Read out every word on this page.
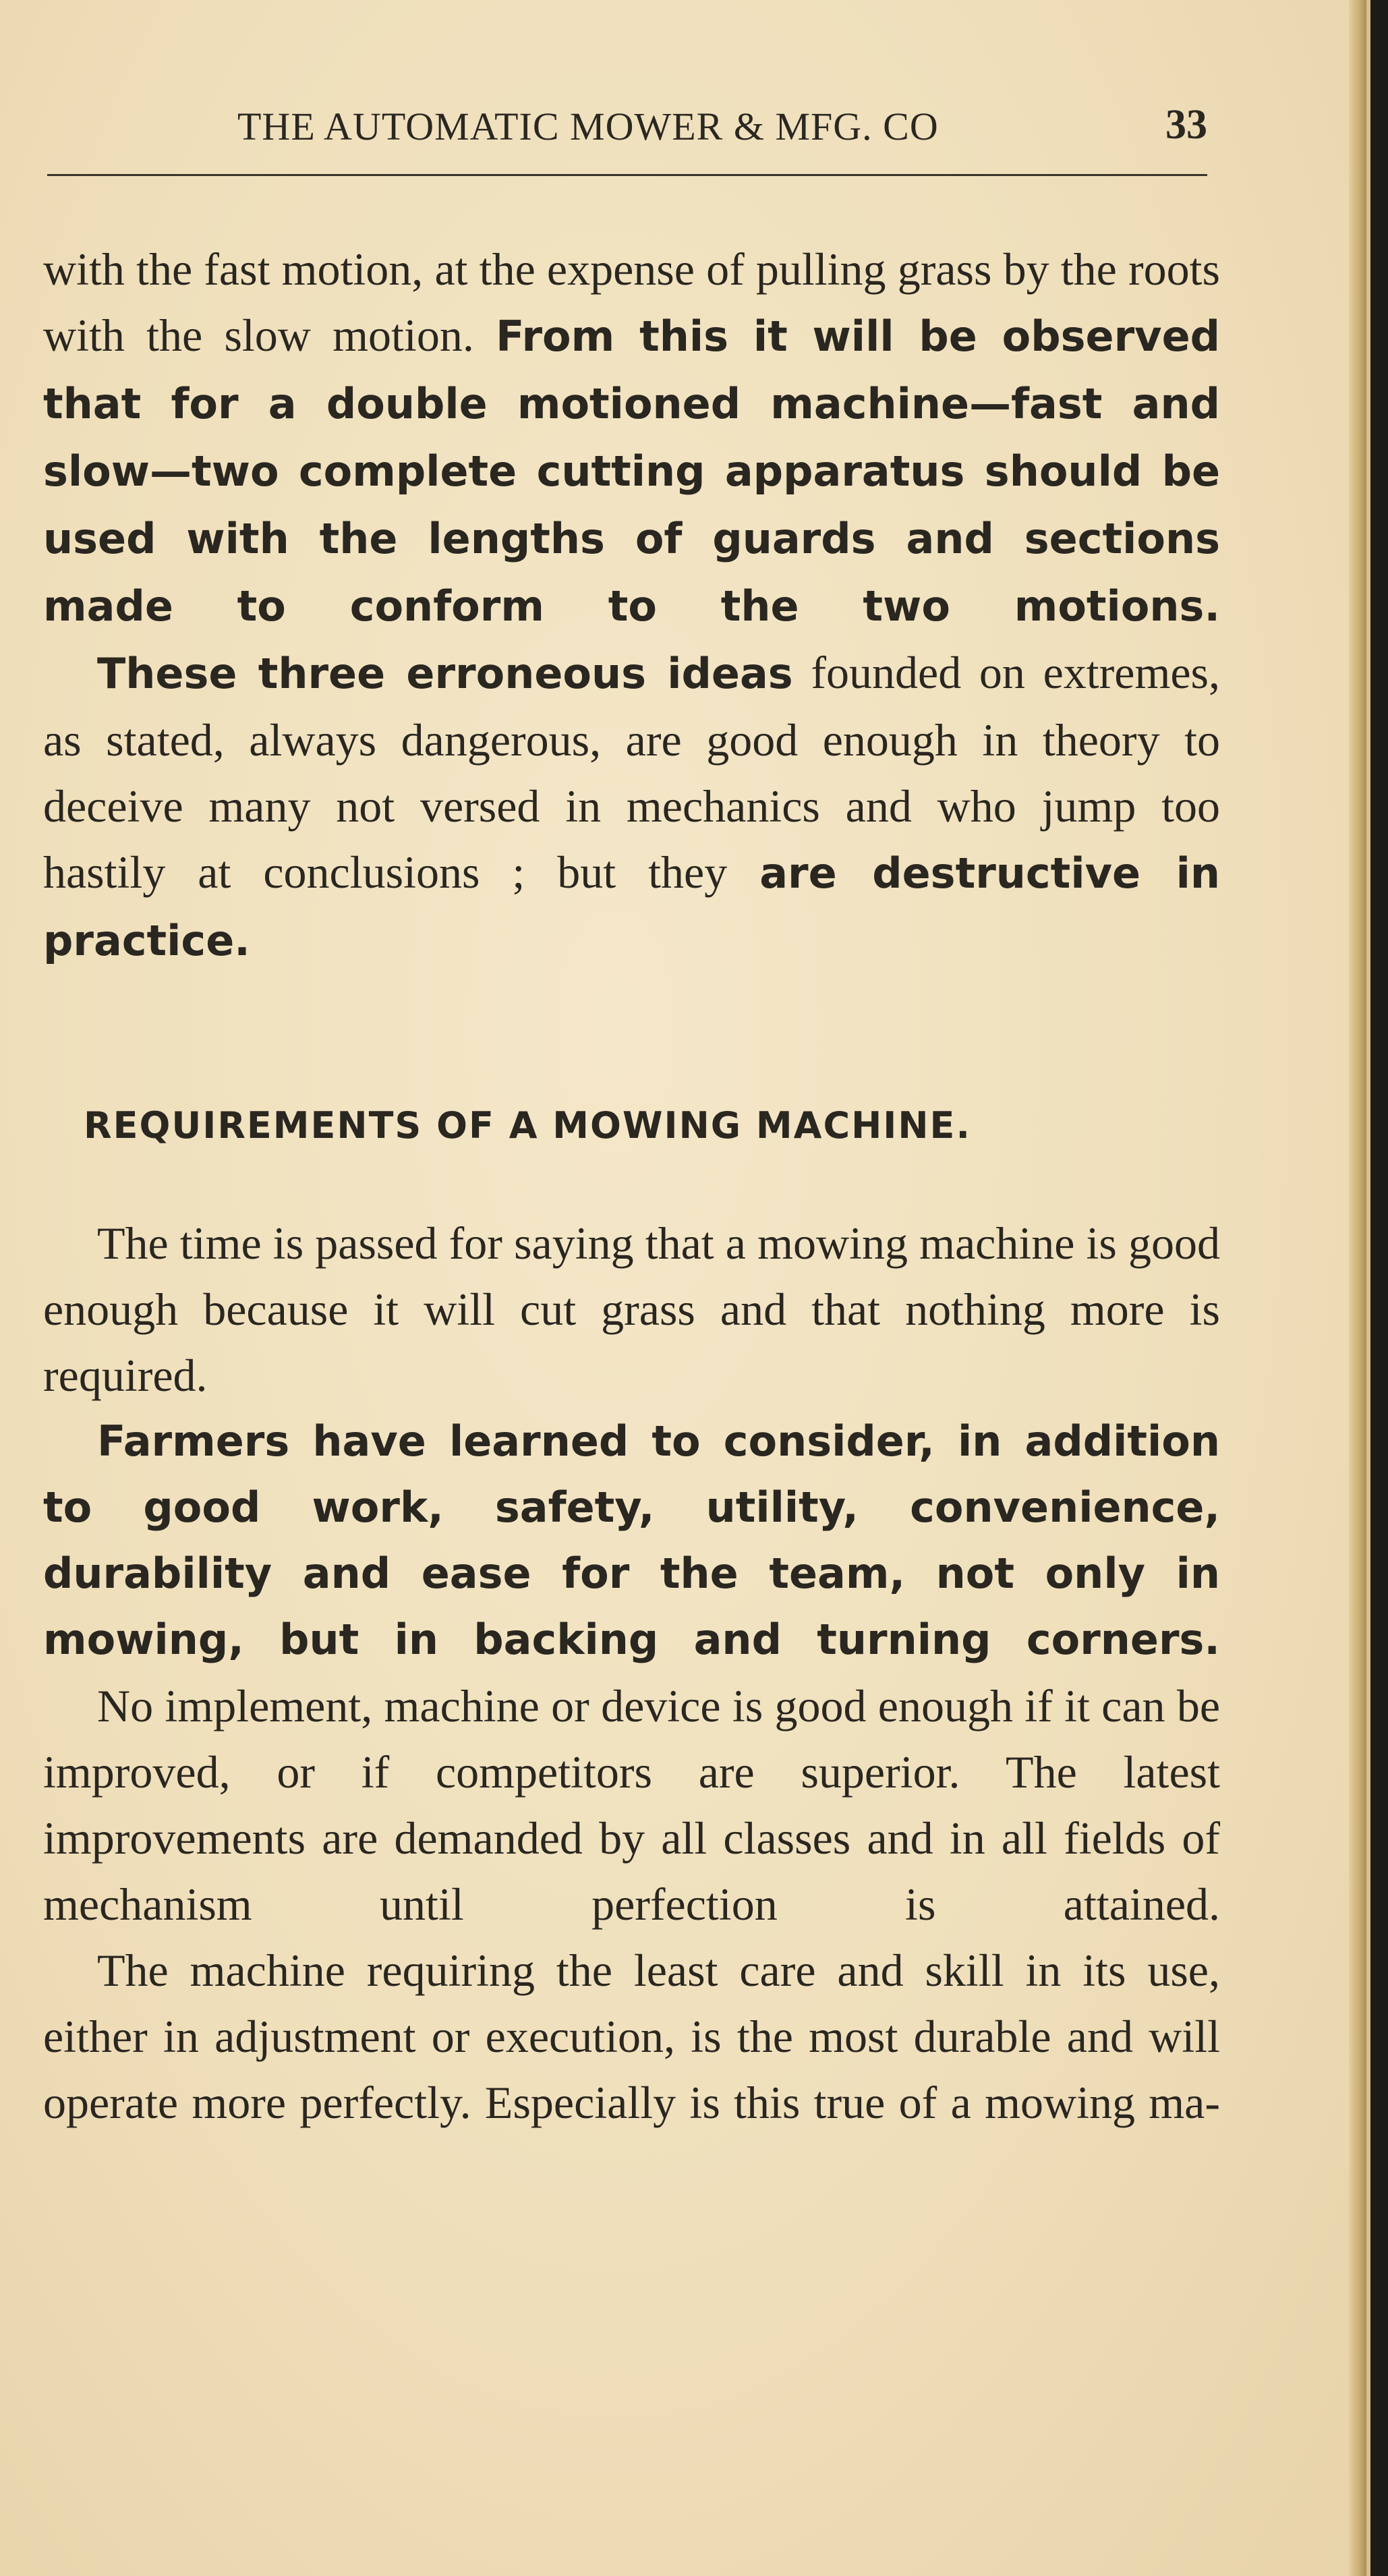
THE AUTOMATIC MOWER & MFG. CO	33

with the fast motion, at the expense of pulling grass by the roots with the slow motion. From this it will be observed that for a double motioned machine—fast and slow—two complete cutting apparatus should be used with the lengths of guards and sections made to conform to the two motions.

These three erroneous ideas founded on extremes, as stated, always dangerous, are good enough in theory to deceive many not versed in mechanics and who jump too hastily at conclusions ; but they are destructive in practice.

REQUIREMENTS OF A MOWING MACHINE.

The time is passed for saying that a mowing machine is good enough because it will cut grass and that nothing more is required.

Farmers have learned to consider, in addition to good work, safety, utility, convenience, durability and ease for the team, not only in mowing, but in backing and turning corners.

No implement, machine or device is good enough if it can be improved, or if competitors are superior. The latest improvements are demanded by all classes and in all fields of mechanism until perfection is attained.

The machine requiring the least care and skill in its use, either in adjustment or execution, is the most durable and will operate more perfectly. Especially is this true of a mowing ma-
